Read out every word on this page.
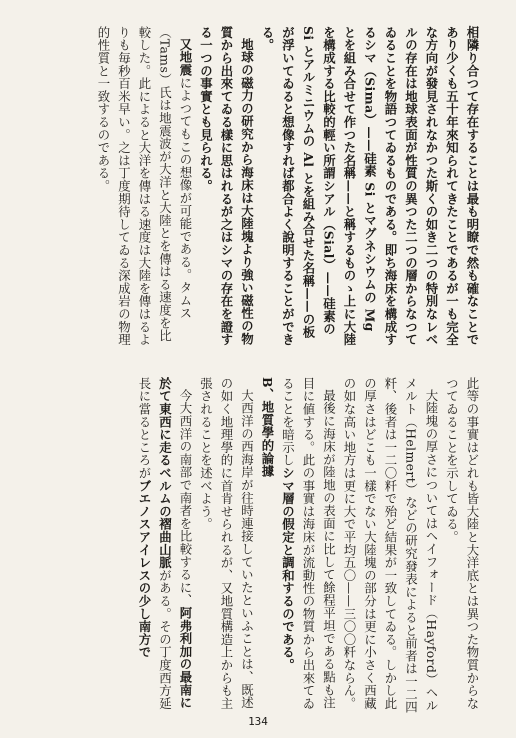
相隣り合つて存在することは最も明瞭で然も確なことであり少くも五十年來知られてきたことであるが一も完全な方向が發見されなかつた斯くの如き二つの特別なレベルの存在は地球表面が性質の異つた二つの層からなつてゐることを物語つてゐるものである。即ち海床を構成するシマ（Sima）——硅素 Si とマグネシウムの Mg とを組み合せて作つた名稱——と稱するものゝ上に大陸を構成する比較的輕い所謂シアル（Sial）——硅素の Si とアルミニウムの Al とを組み合せた名稱——の板が浮いてゐると想像すれば都合よく說明することができる。

地球の磁力の研究から海床は大陸塊より強い磁性の物質から出來てゐる樣に思はれるが之はシマの存在を證する一つの事實とも見られる。

又地震によつてもこの想像が可能である。タムス（Tams）氏は地震波が大洋と大陸とを傳はる速度を比較した。此によると大洋を傳はる速度は大陸を傳はるよりも毎秒百米早い。之は丁度期待してゐる深成岩の物理的性質と一致するのである。

此等の事實はどれも皆大陸と大洋底とは異つた物質からなつてゐることを示してゐる。

大陸塊の厚さについてはヘイフォード（Hayford）ヘルメルト（Helmert）などの研究發表によると前者は一二四粁、後者は一二〇粁で殆ど結果が一致してゐる。しかし此の厚さはどこも一樣でない大陸塊の部分は更に小さく西藏の如な高い地方は更に大で平均五〇——三〇〇粁ならん。

最後に海床が陸地の表面に比して餘程平坦である點も注目に値する。此の事實は海床が流動性の物質から出來てゐることを暗示しシマ層の假定と調和するのである。

B、地質學的論據

大西洋の西海岸が往時連接していたといふことは、既述の如く地理學的に首肯せられるが、又地質構造上からも主張されることを述べよう。

今大西洋の南部で南者を比較するに、阿弗利加の最南に於て東西に走るベルムの褶曲山脈がある。その丁度西方延長に當るところがブエノスアイレスの少し南方で

134
